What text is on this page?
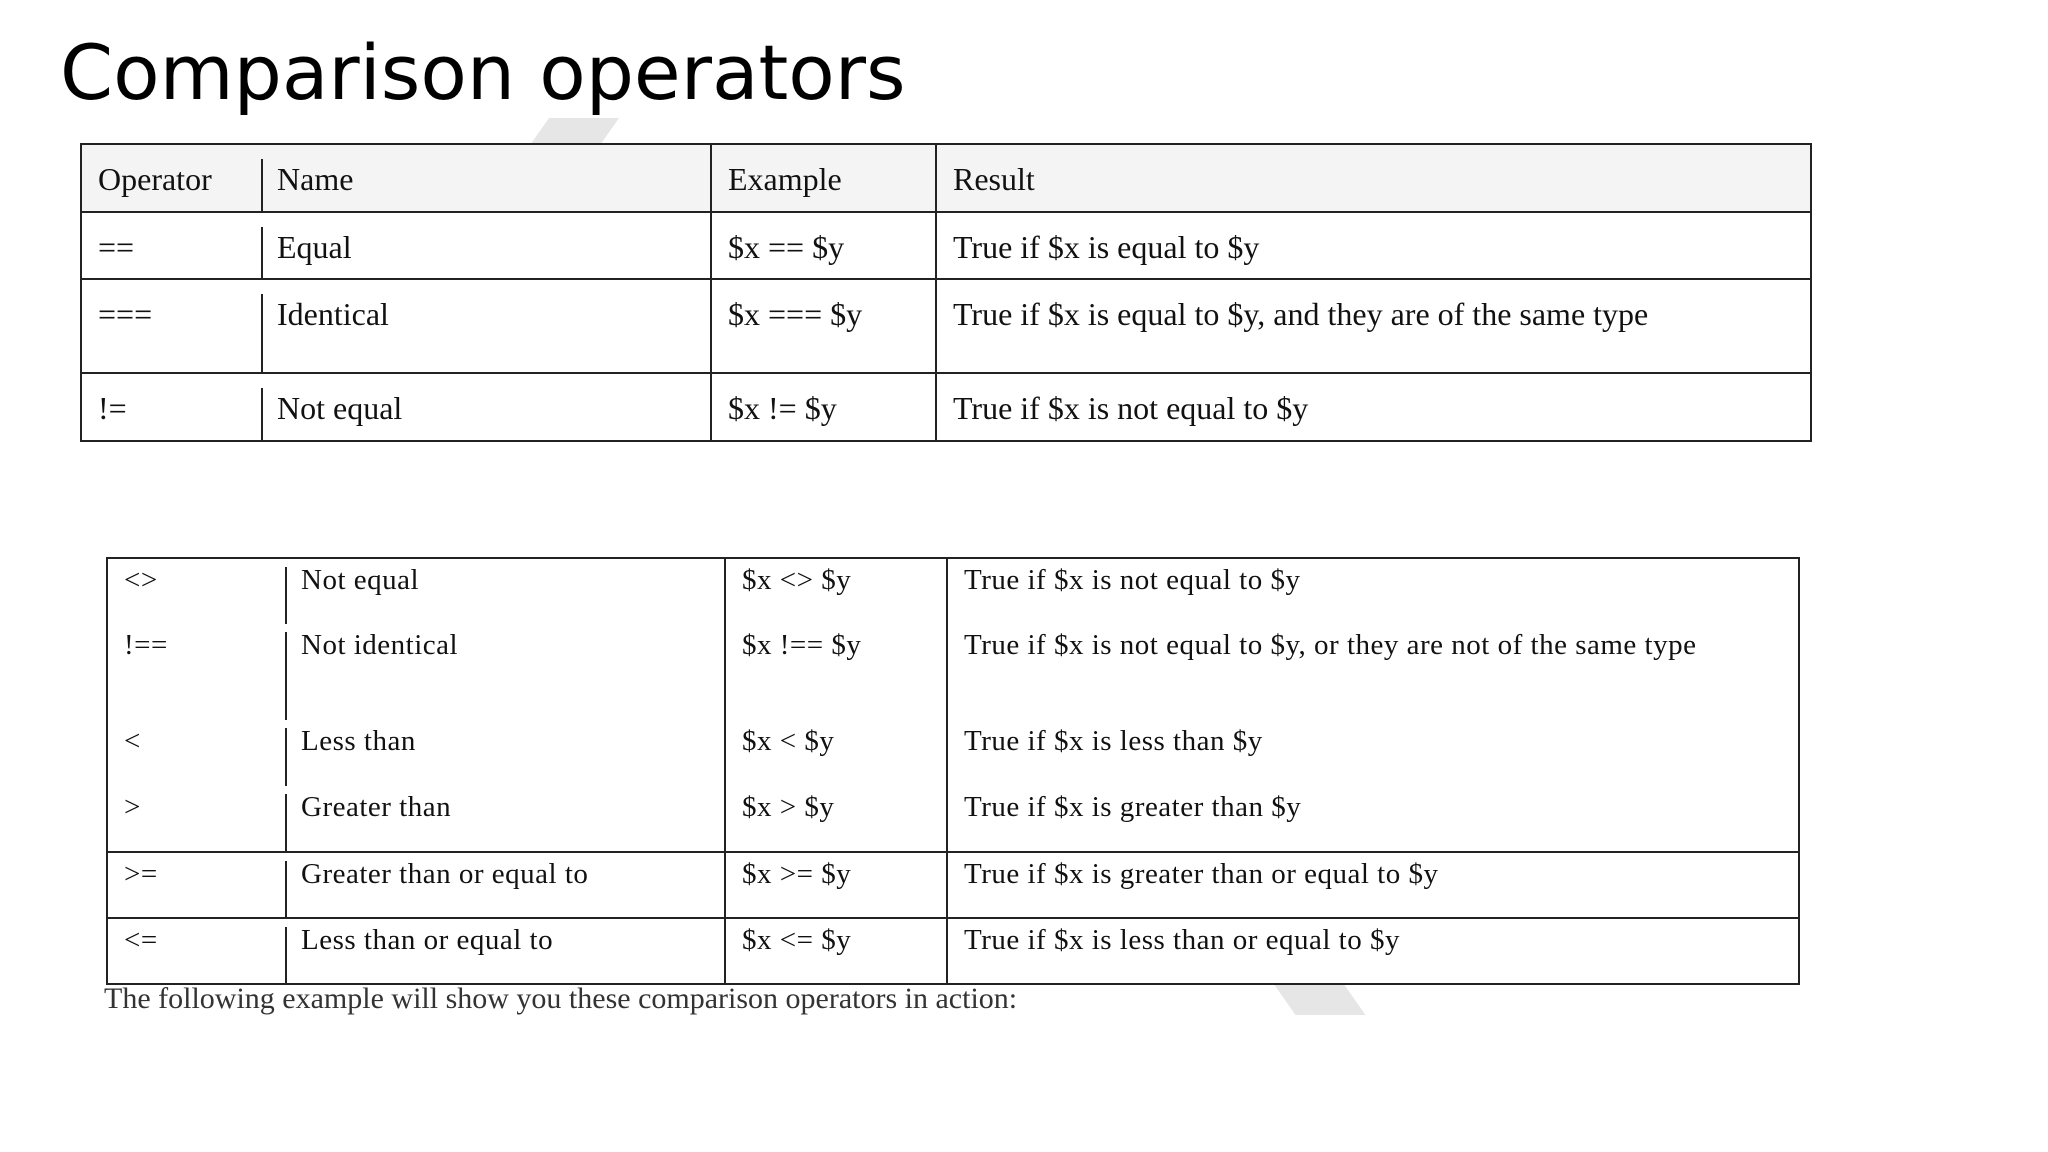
Comparison operators
Operator	Name	Example	Result
==	Equal	$x == $y	True if $x is equal to $y
===	Identical	$x === $y	True if $x is equal to $y, and they are of the same type
!=	Not equal	$x != $y	True if $x is not equal to $y
<>	Not equal	$x <> $y	True if $x is not equal to $y
!==	Not identical	$x !== $y	True if $x is not equal to $y, or they are not of the same type
<	Less than	$x < $y	True if $x is less than $y
>	Greater than	$x > $y	True if $x is greater than $y
>=	Greater than or equal to	$x >= $y	True if $x is greater than or equal to $y
<=	Less than or equal to	$x <= $y	True if $x is less than or equal to $y
The following example will show you these comparison operators in action:
